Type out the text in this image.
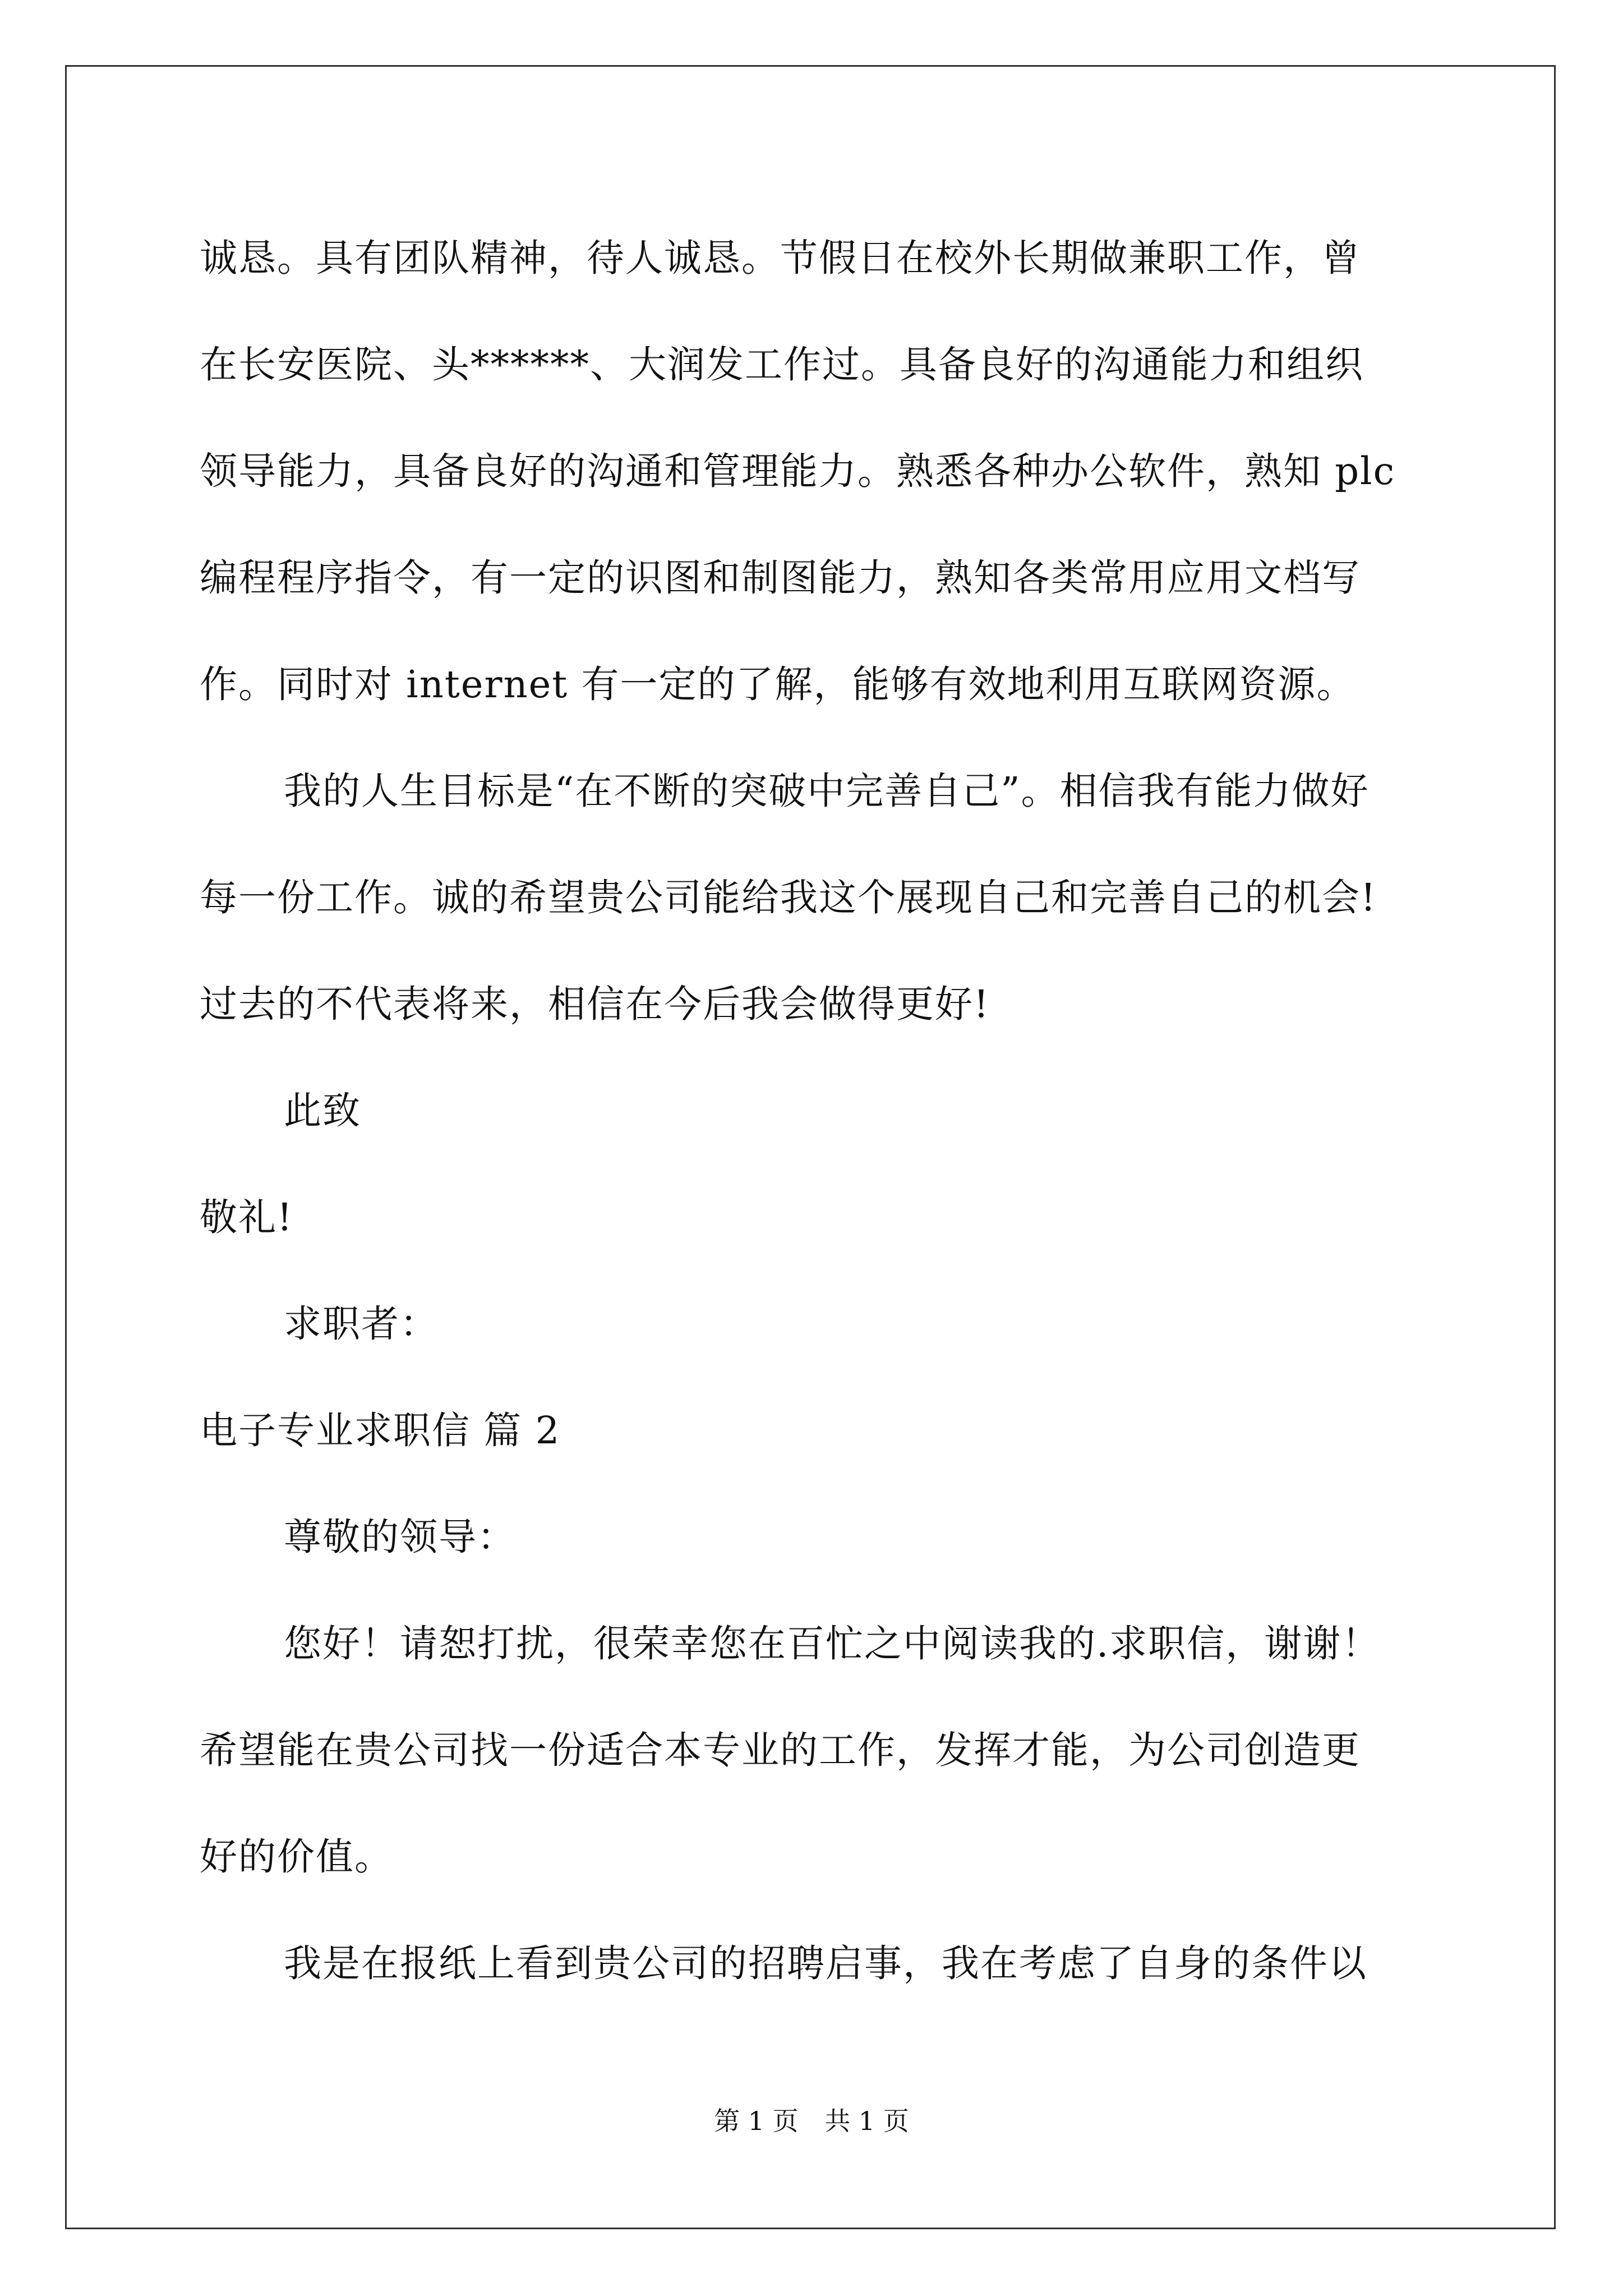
诚恳。具有团队精神，待人诚恳。节假日在校外长期做兼职工作，曾
在长安医院、头******、大润发工作过。具备良好的沟通能力和组织
领导能力，具备良好的沟通和管理能力。熟悉各种办公软件，熟知 plc
编程程序指令，有一定的识图和制图能力，熟知各类常用应用文档写
作。同时对 internet 有一定的了解，能够有效地利用互联网资源。
我的人生目标是“在不断的突破中完善自己”。相信我有能力做好
每一份工作。诚的希望贵公司能给我这个展现自己和完善自己的机会!
过去的不代表将来，相信在今后我会做得更好!
此致
敬礼!
求职者：
电子专业求职信 篇 2
尊敬的领导：
您好！请恕打扰，很荣幸您在百忙之中阅读我的.求职信，谢谢！
希望能在贵公司找一份适合本专业的工作，发挥才能，为公司创造更
好的价值。
我是在报纸上看到贵公司的招聘启事，我在考虑了自身的条件以
第 1 页 共 1 页
